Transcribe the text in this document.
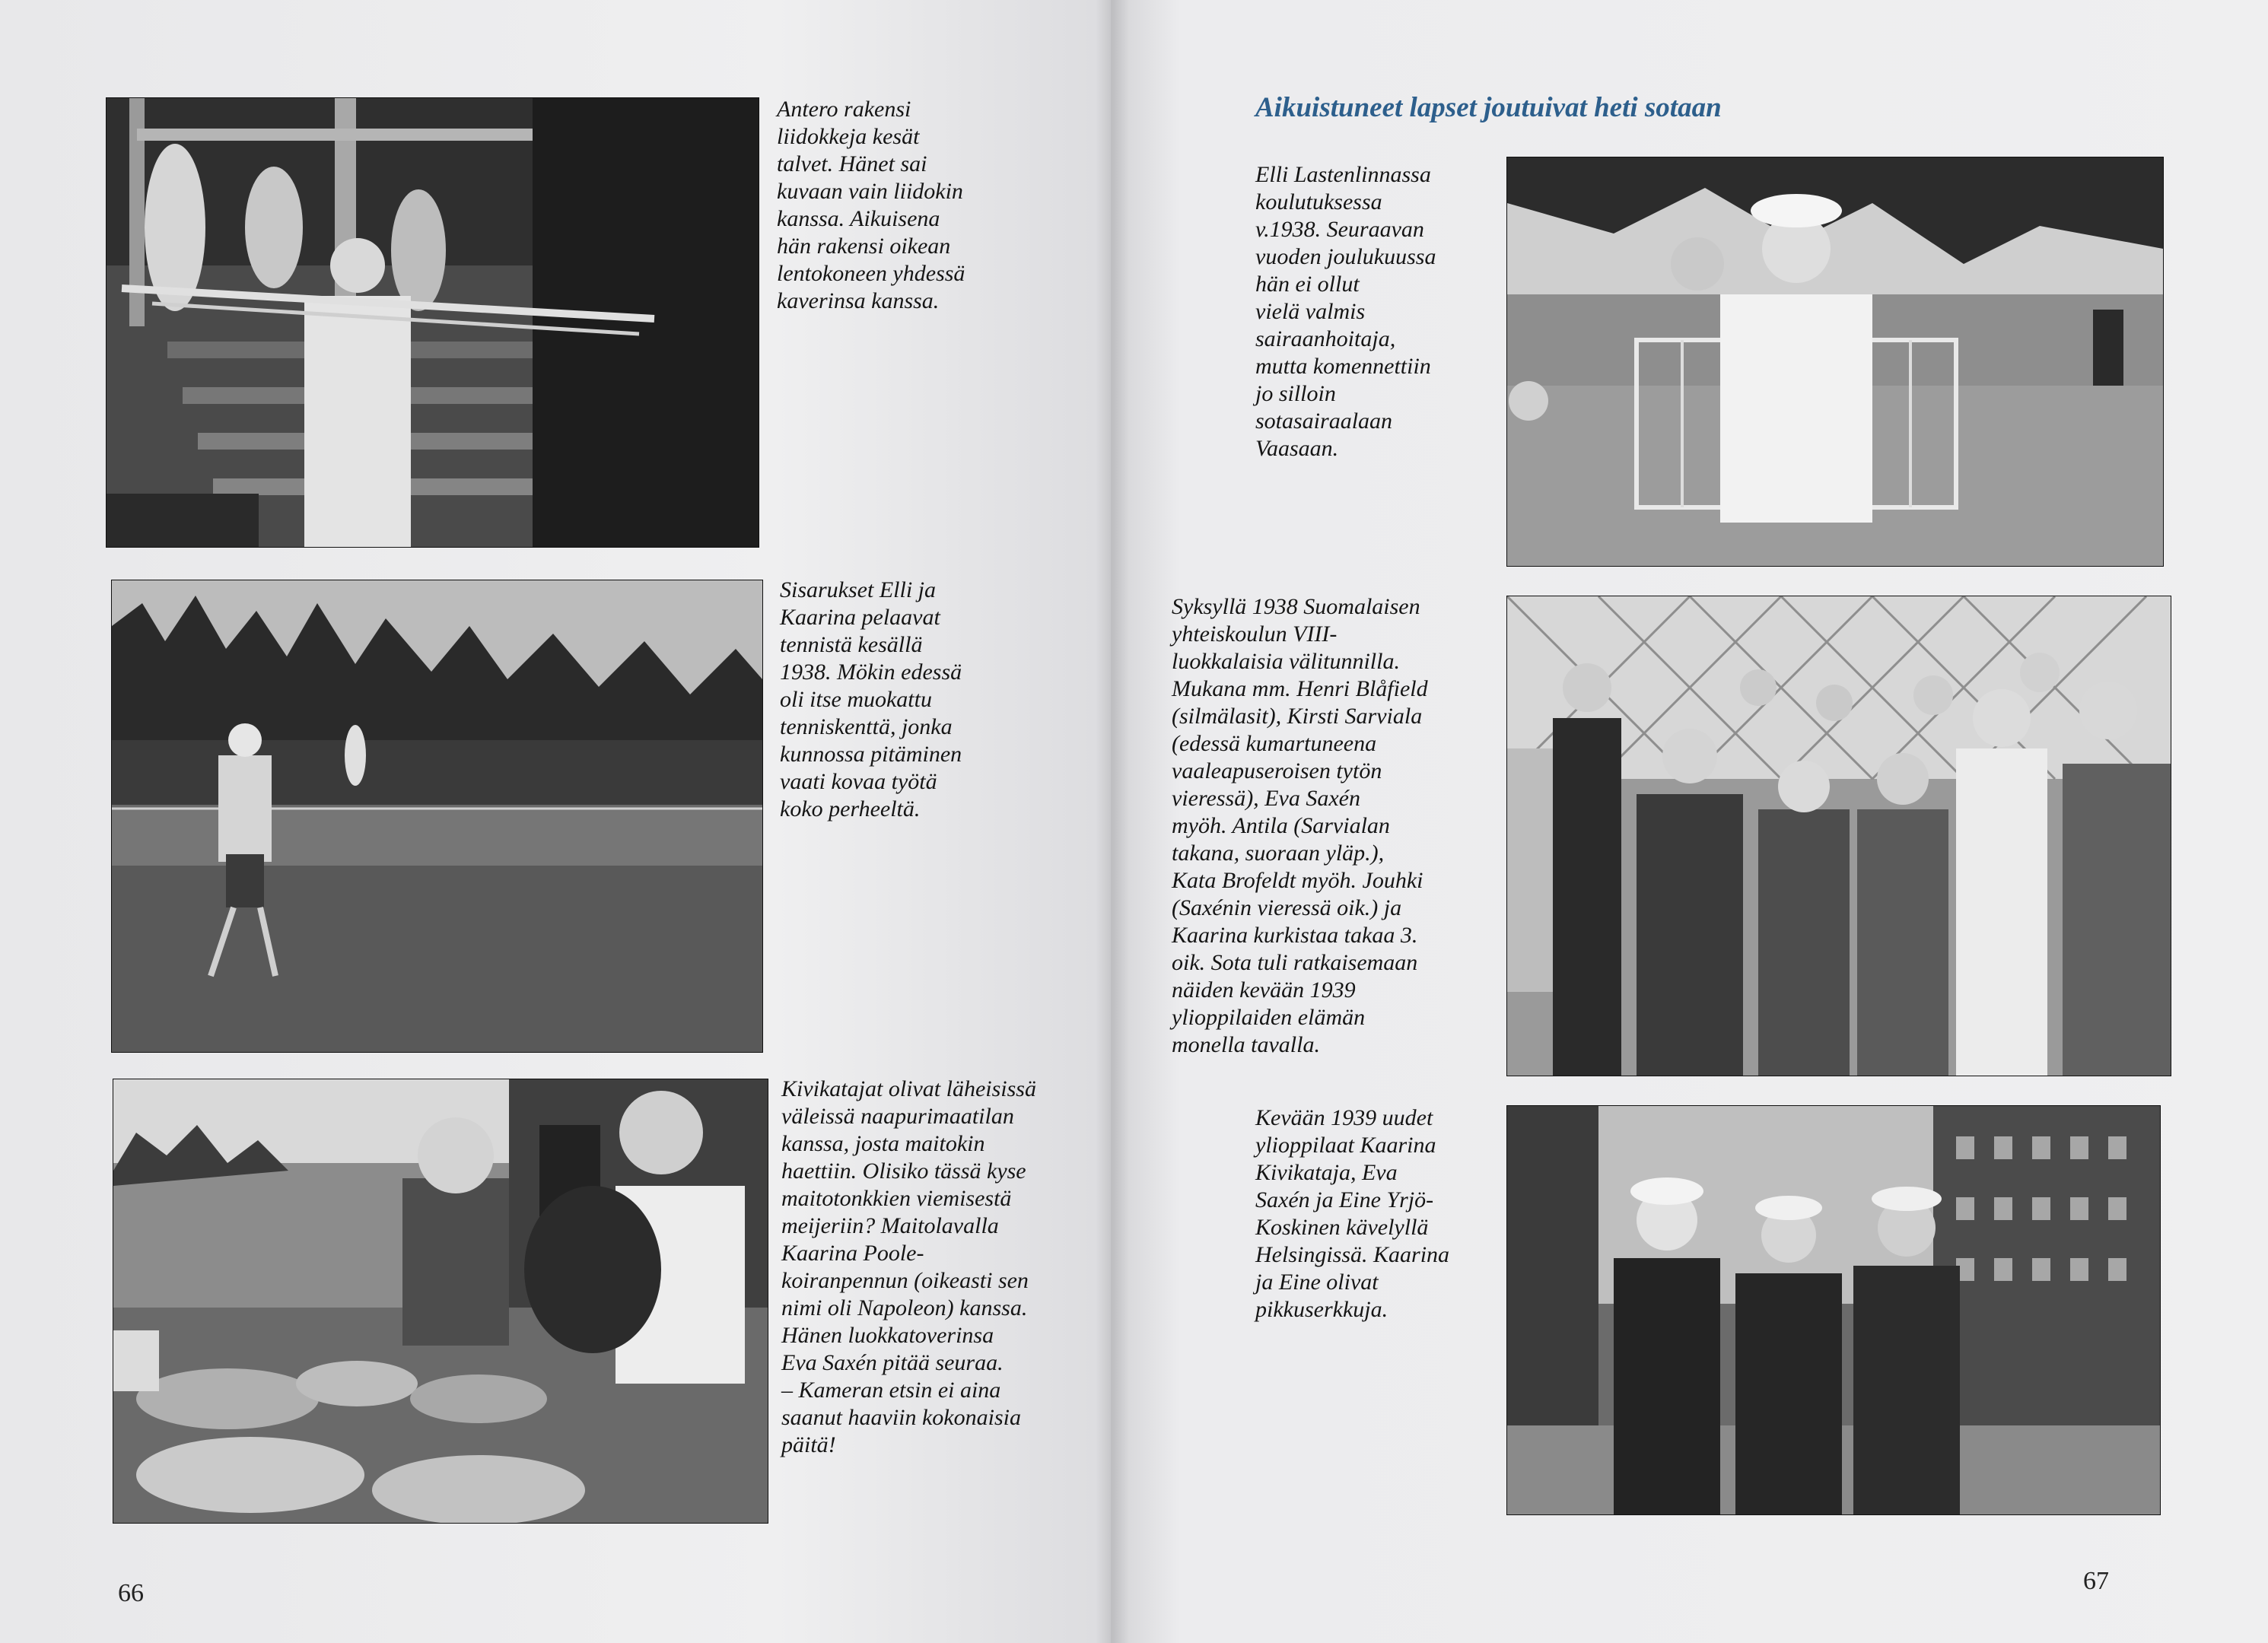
Antero rakensi
liidokkeja kesät
talvet. Hänet sai
kuvaan vain liidokin
kanssa. Aikuisena
hän rakensi oikean
lentokoneen yhdessä
kaverinsa kanssa.
Sisarukset Elli ja
Kaarina pelaavat
tennistä kesällä
1938. Mökin edessä
oli itse muokattu
tenniskenttä, jonka
kunnossa pitäminen
vaati kovaa työtä
koko perheeltä.
Kivikatajat olivat läheisissä
väleissä naapurimaatilan
kanssa, josta maitokin
haettiin. Olisiko tässä kyse
maitotonkkien viemisestä
meijeriin? Maitolavalla
Kaarina Poole-
koiranpennun (oikeasti sen
nimi oli Napoleon) kanssa.
Hänen luokkatoverinsa
Eva Saxén pitää seuraa.
– Kameran etsin ei aina
saanut haaviin kokonaisia
päitä!
66
Aikuistuneet lapset joutuivat heti sotaan
Elli Lastenlinnassa
koulutuksessa
v.1938. Seuraavan
vuoden joulukuussa
hän ei ollut
vielä valmis
sairaanhoitaja,
mutta komennettiin
jo silloin
sotasairaalaan
Vaasaan.
Syksyllä 1938 Suomalaisen
yhteiskoulun VIII-
luokkalaisia välitunnilla.
Mukana mm. Henri Blåfield
(silmälasit), Kirsti Sarviala
(edessä kumartuneena
vaaleapuseroisen tytön
vieressä), Eva Saxén
myöh. Antila (Sarvialan
takana, suoraan yläp.),
Kata Brofeldt myöh. Jouhki
(Saxénin vieressä oik.) ja
Kaarina kurkistaa takaa 3.
oik. Sota tuli ratkaisemaan
näiden kevään 1939
ylioppilaiden elämän
monella tavalla.
Kevään 1939 uudet
ylioppilaat Kaarina
Kivikataja, Eva
Saxén ja Eine Yrjö-
Koskinen kävelyllä
Helsingissä. Kaarina
ja Eine olivat
pikkuserkkuja.
67
